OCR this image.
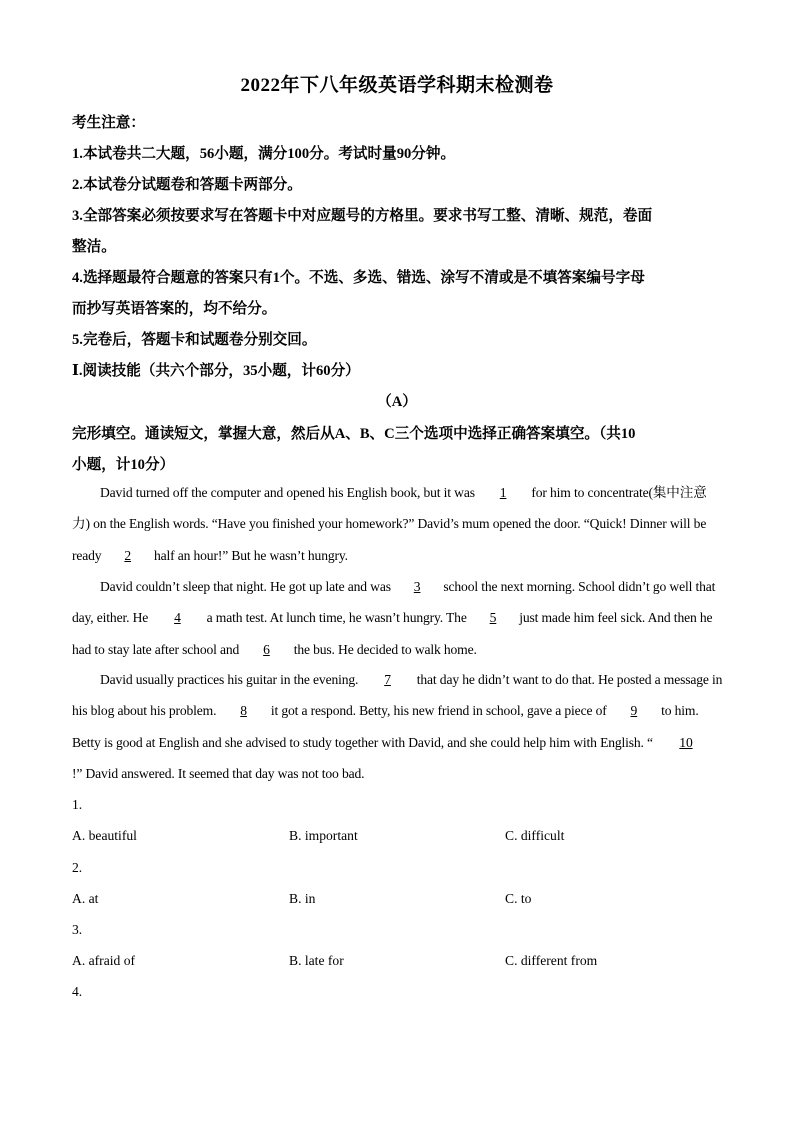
2022年下八年级英语学科期末检测卷
考生注意：
1.本试卷共二大题，56小题，满分100分。考试时量90分钟。
2.本试卷分试题卷和答题卡两部分。
3.全部答案必须按要求写在答题卡中对应题号的方格里。要求书写工整、清晰、规范，卷面
整洁。
4.选择题最符合题意的答案只有1个。不选、多选、错选、涂写不清或是不填答案编号字母
而抄写英语答案的，均不给分。
5.完卷后，答题卡和试题卷分别交回。
Ⅰ.阅读技能（共六个部分，35小题，计60分）
（A）
完形填空。通读短文，掌握大意，然后从A、B、C三个选项中选择正确答案填空。（共10
小题，计10分）
David turned off the computer and opened his English book, but it was 1 for him to concentrate(集中注意力) on the English words. “Have you finished your homework?” David’s mum opened the door. “Quick! Dinner will be ready 2 half an hour!” But he wasn’t hungry.
David couldn’t sleep that night. He got up late and was 3 school the next morning. School didn’t go well that day, either. He 4 a math test. At lunch time, he wasn’t hungry. The 5 just made him feel sick. And then he had to stay late after school and 6 the bus. He decided to walk home.
David usually practices his guitar in the evening. 7 that day he didn’t want to do that. He posted a message in his blog about his problem. 8 it got a respond. Betty, his new friend in school, gave a piece of 9 to him. Betty is good at English and she advised to study together with David, and she could help him with English. “ 10!” David answered. It seemed that day was not too bad.
1.
A. beautiful	B. important	C. difficult
2.
A. at	B. in	C. to
3.
A. afraid of	B. late for	C. different from
4.
